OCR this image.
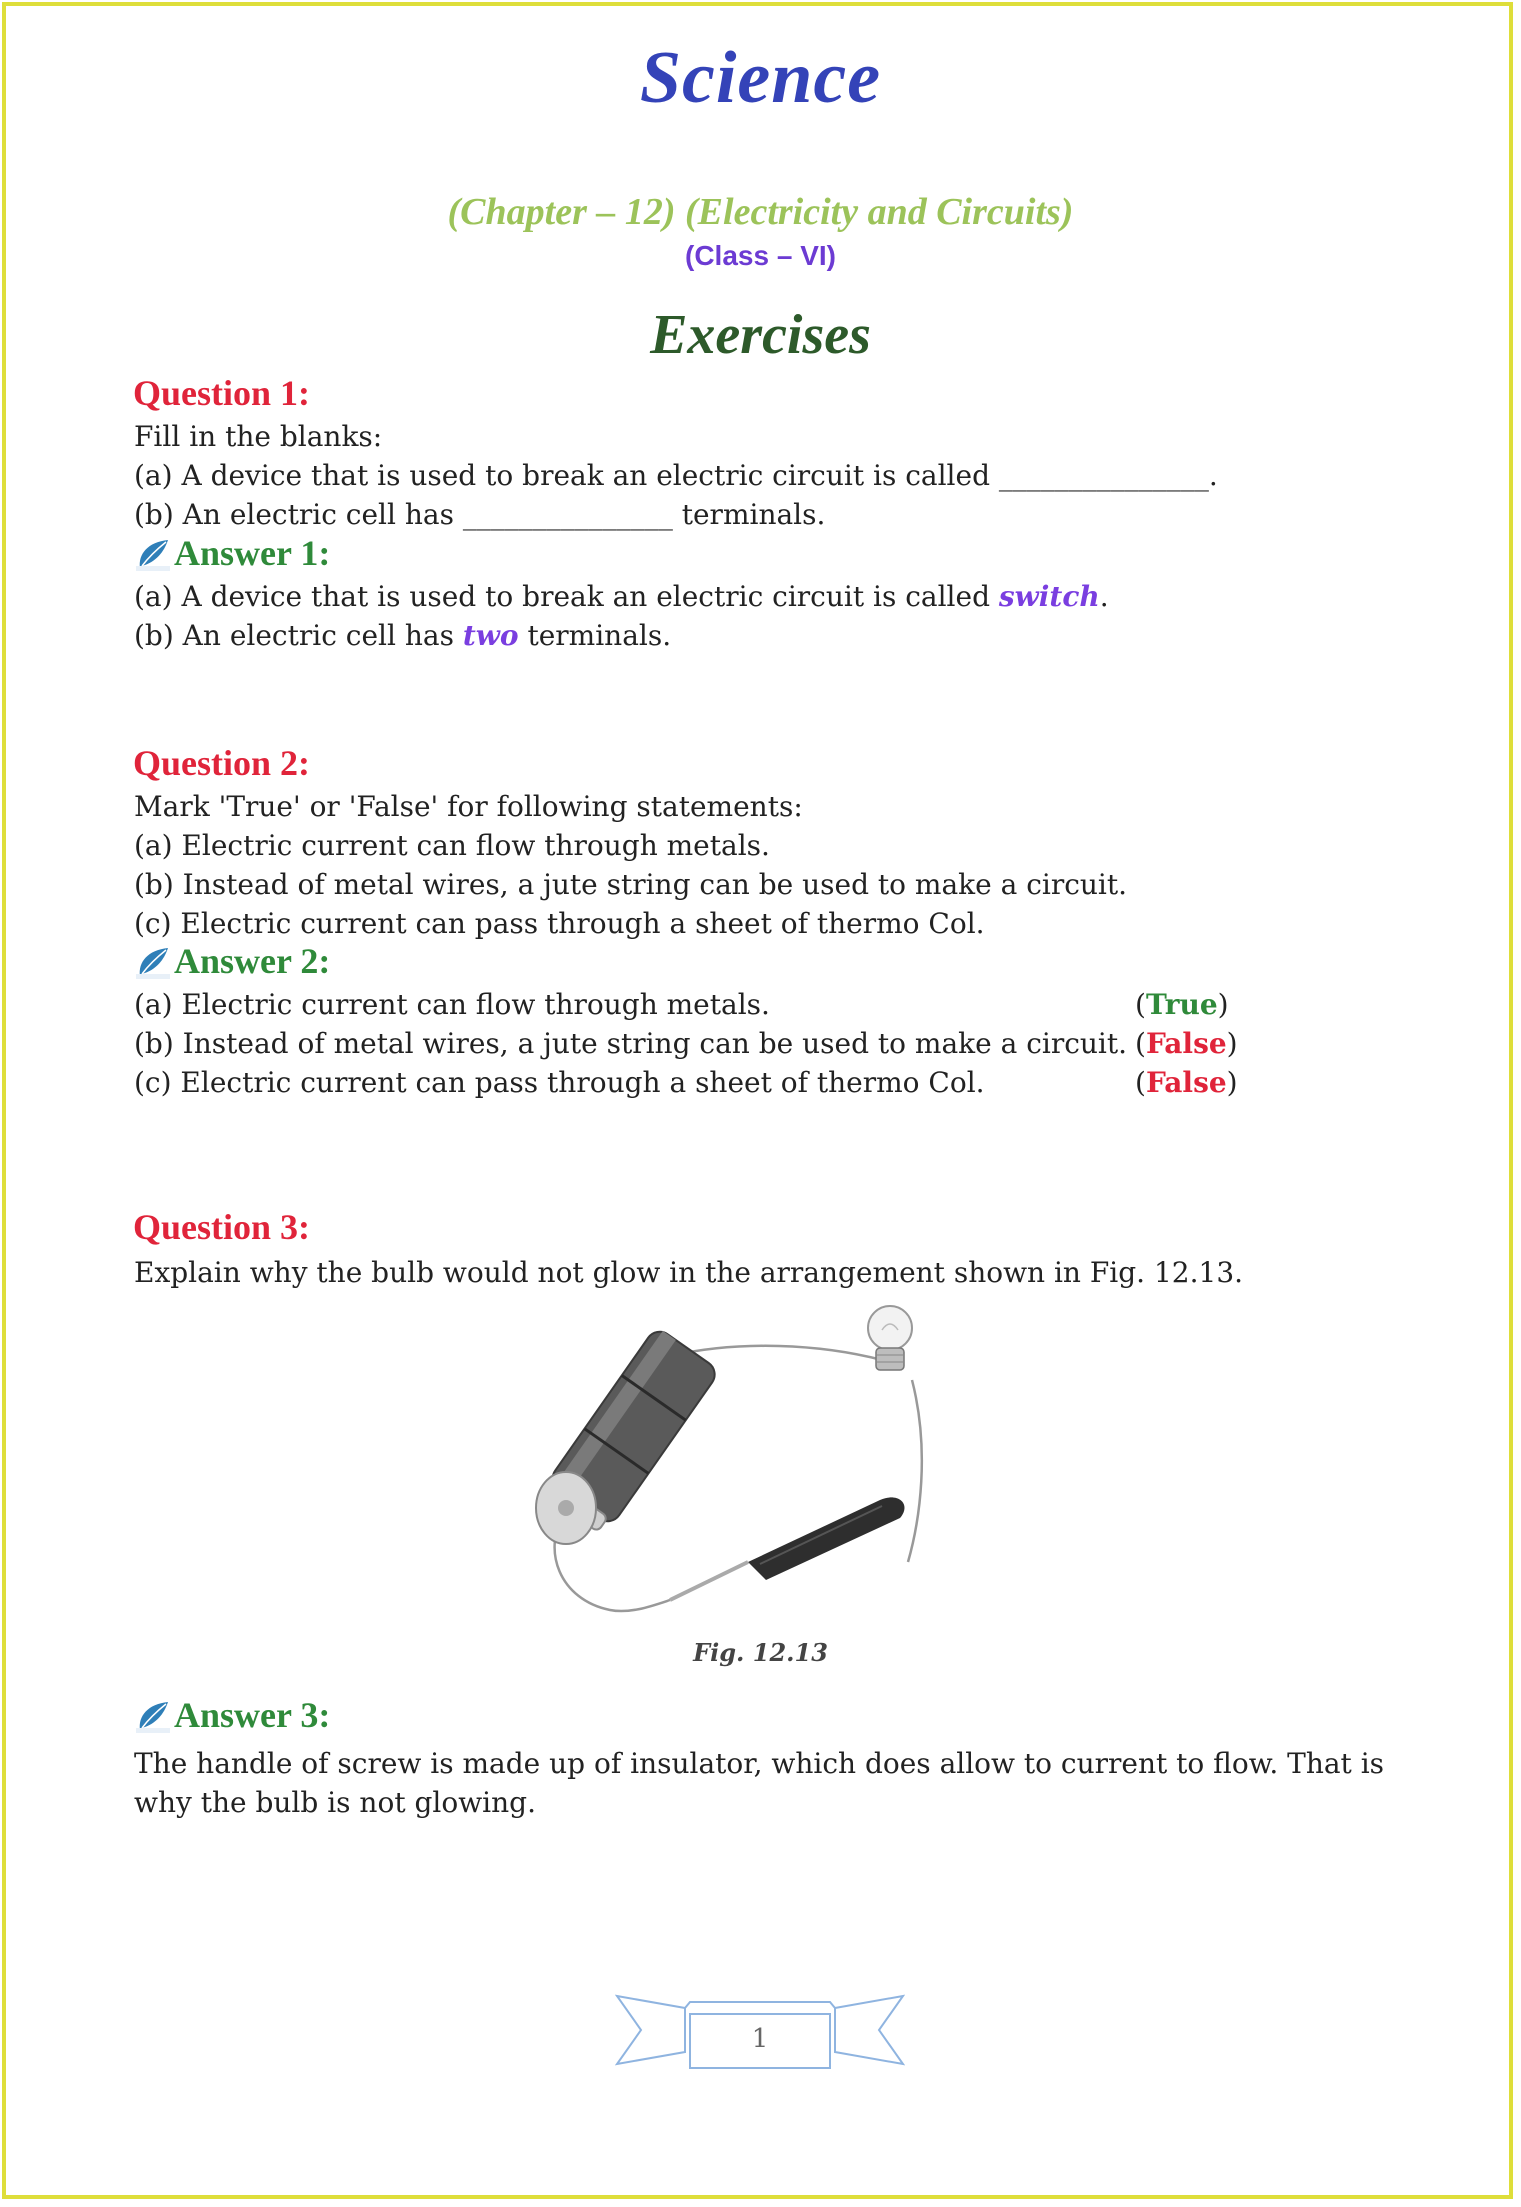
Science
(Chapter – 12) (Electricity and Circuits)
(Class – VI)
Exercises
Question 1:
Fill in the blanks:
(a) A device that is used to break an electric circuit is called _______________.
(b) An electric cell has _______________ terminals.
Answer 1:
(a) A device that is used to break an electric circuit is called switch.
(b) An electric cell has two terminals.
Question 2:
Mark 'True' or 'False' for following statements:
(a) Electric current can flow through metals.
(b) Instead of metal wires, a jute string can be used to make a circuit.
(c) Electric current can pass through a sheet of thermo Col.
Answer 2:
(a) Electric current can flow through metals.	(True)
(b) Instead of metal wires, a jute string can be used to make a circuit. (False)
(c) Electric current can pass through a sheet of thermo Col.	(False)
Question 3:
Explain why the bulb would not glow in the arrangement shown in Fig. 12.13.
Fig. 12.13
Answer 3:
The handle of screw is made up of insulator, which does allow to current to flow. That is
why the bulb is not glowing.
1
